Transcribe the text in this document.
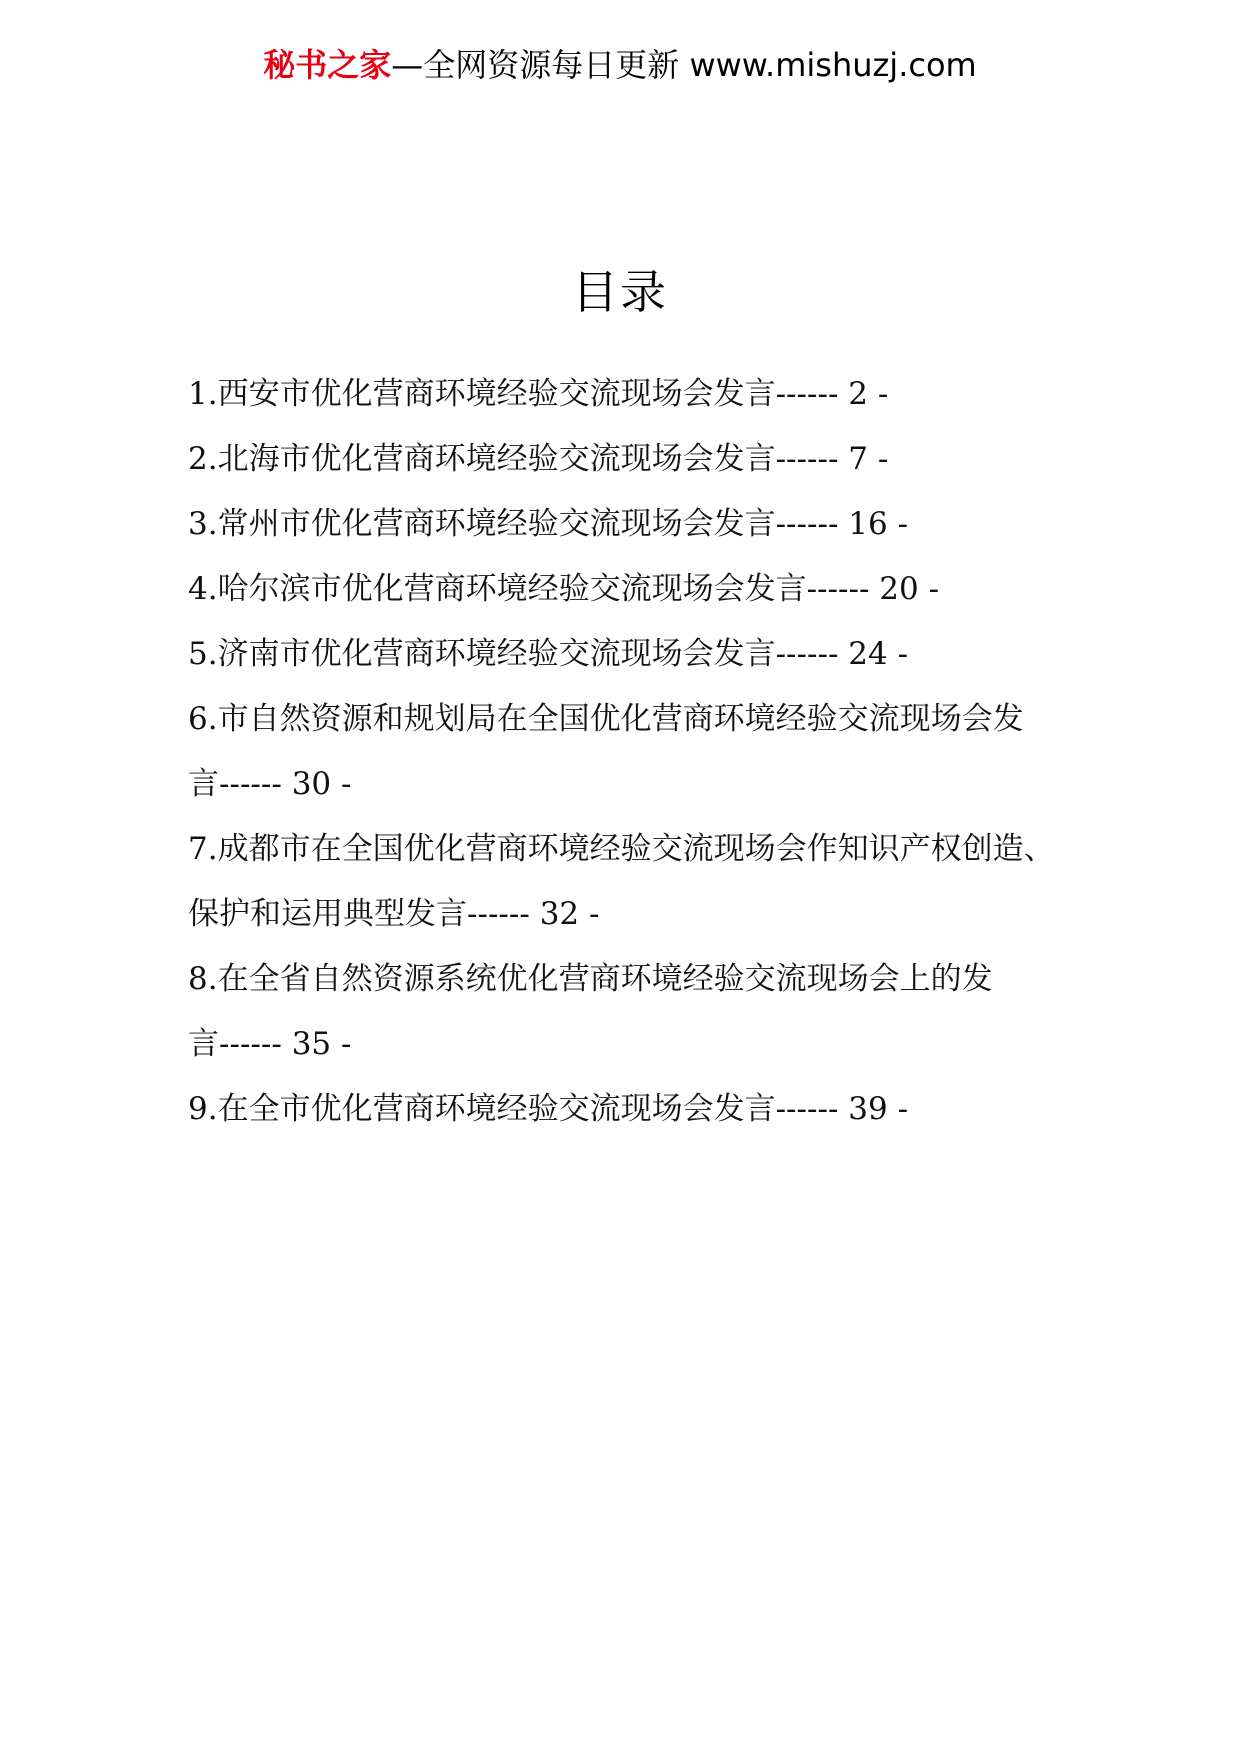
秘书之家—全网资源每日更新 www.mishuzj.com
目录
1.西安市优化营商环境经验交流现场会发言------ 2 -
2.北海市优化营商环境经验交流现场会发言------ 7 -
3.常州市优化营商环境经验交流现场会发言------ 16 -
4.哈尔滨市优化营商环境经验交流现场会发言------ 20 -
5.济南市优化营商环境经验交流现场会发言------ 24 -
6.市自然资源和规划局在全国优化营商环境经验交流现场会发言------ 30 -
7.成都市在全国优化营商环境经验交流现场会作知识产权创造、保护和运用典型发言------ 32 -
8.在全省自然资源系统优化营商环境经验交流现场会上的发言------ 35 -
9.在全市优化营商环境经验交流现场会发言------ 39 -
